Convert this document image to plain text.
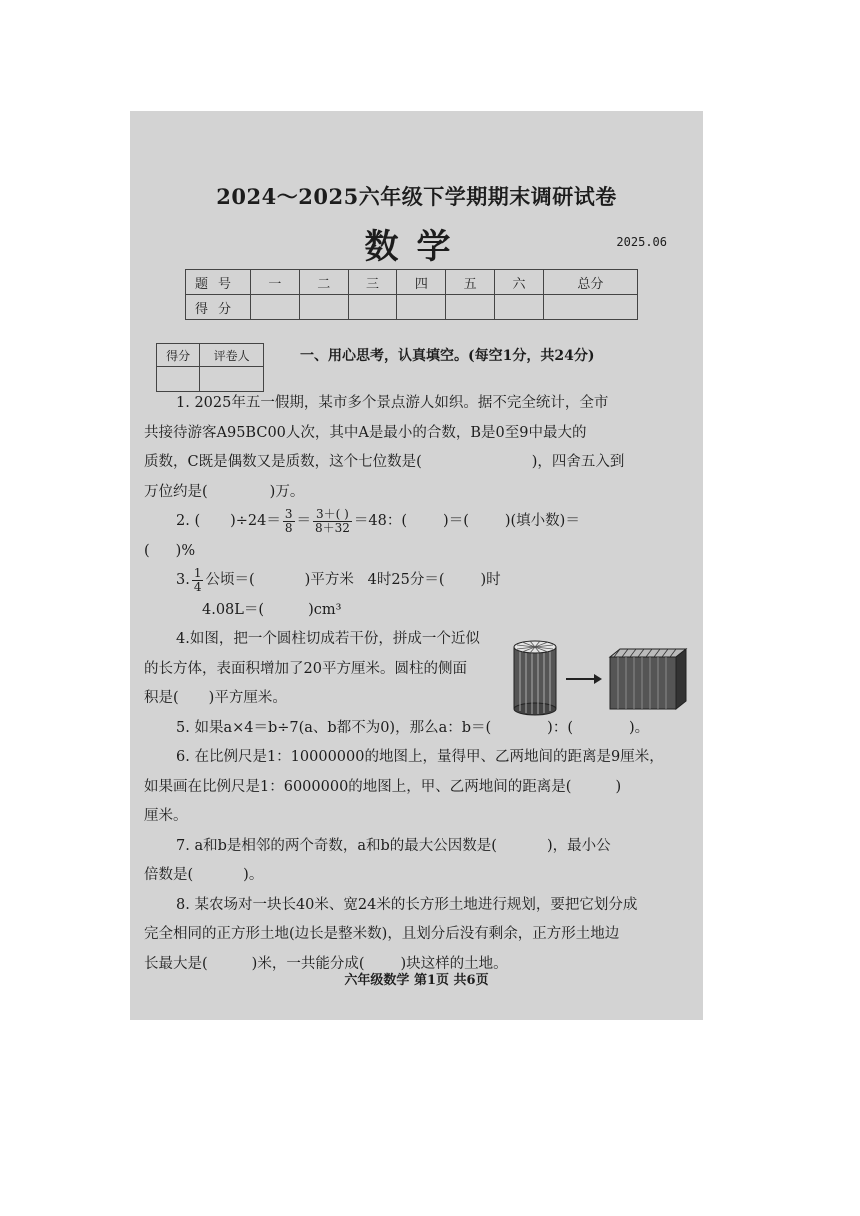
2024～2025六年级下学期期末调研试卷
数学	2025.06
题号	一	二	三	四	五	六	总分
得分							
得分	评卷人
		一、用心思考，认真填空。(每空1分，共24分)

1. 2025年五一假期，某市多个景点游人如织。据不完全统计，全市

共接待游客A95BC00人次，其中A是最小的合数，B是0至9中最大的

质数，C既是偶数又是质数，这个七位数是(	)，四舍五入到

万位约是(	)万。

2. ( )$\div 24= \frac{3}{8} = \frac{3+( )}{8+32} =48$：( )＝( )(填小数)＝

( )%

3. $\frac{1}{4}$ 公顷＝(	)平方米 4时25分＝( )时

4.08L＝(	)cm³

4.如图，把一个圆柱切成若干份，拼成一个近似

的长方体，表面积增加了20平方厘米。圆柱的侧面

积是( )平方厘米。

5. 如果a×4＝b÷7(a、b都不为0)，那么a：b＝(	)：(	)。

6. 在比例尺是1：10000000的地图上，量得甲、乙两地间的距离是9厘米，

如果画在比例尺是1：6000000的地图上，甲、乙两地间的距离是(	)

厘米。

7. a和b是相邻的两个奇数，a和b的最大公因数是(	)，最小公

倍数是(	)。

8. 某农场对一块长40米、宽24米的长方形土地进行规划，要把它划分成

完全相同的正方形土地(边长是整米数)，且划分后没有剩余，正方形土地边

长最大是(	)米，一共能分成( )块这样的土地。

六年级数学 第1页 共6页
